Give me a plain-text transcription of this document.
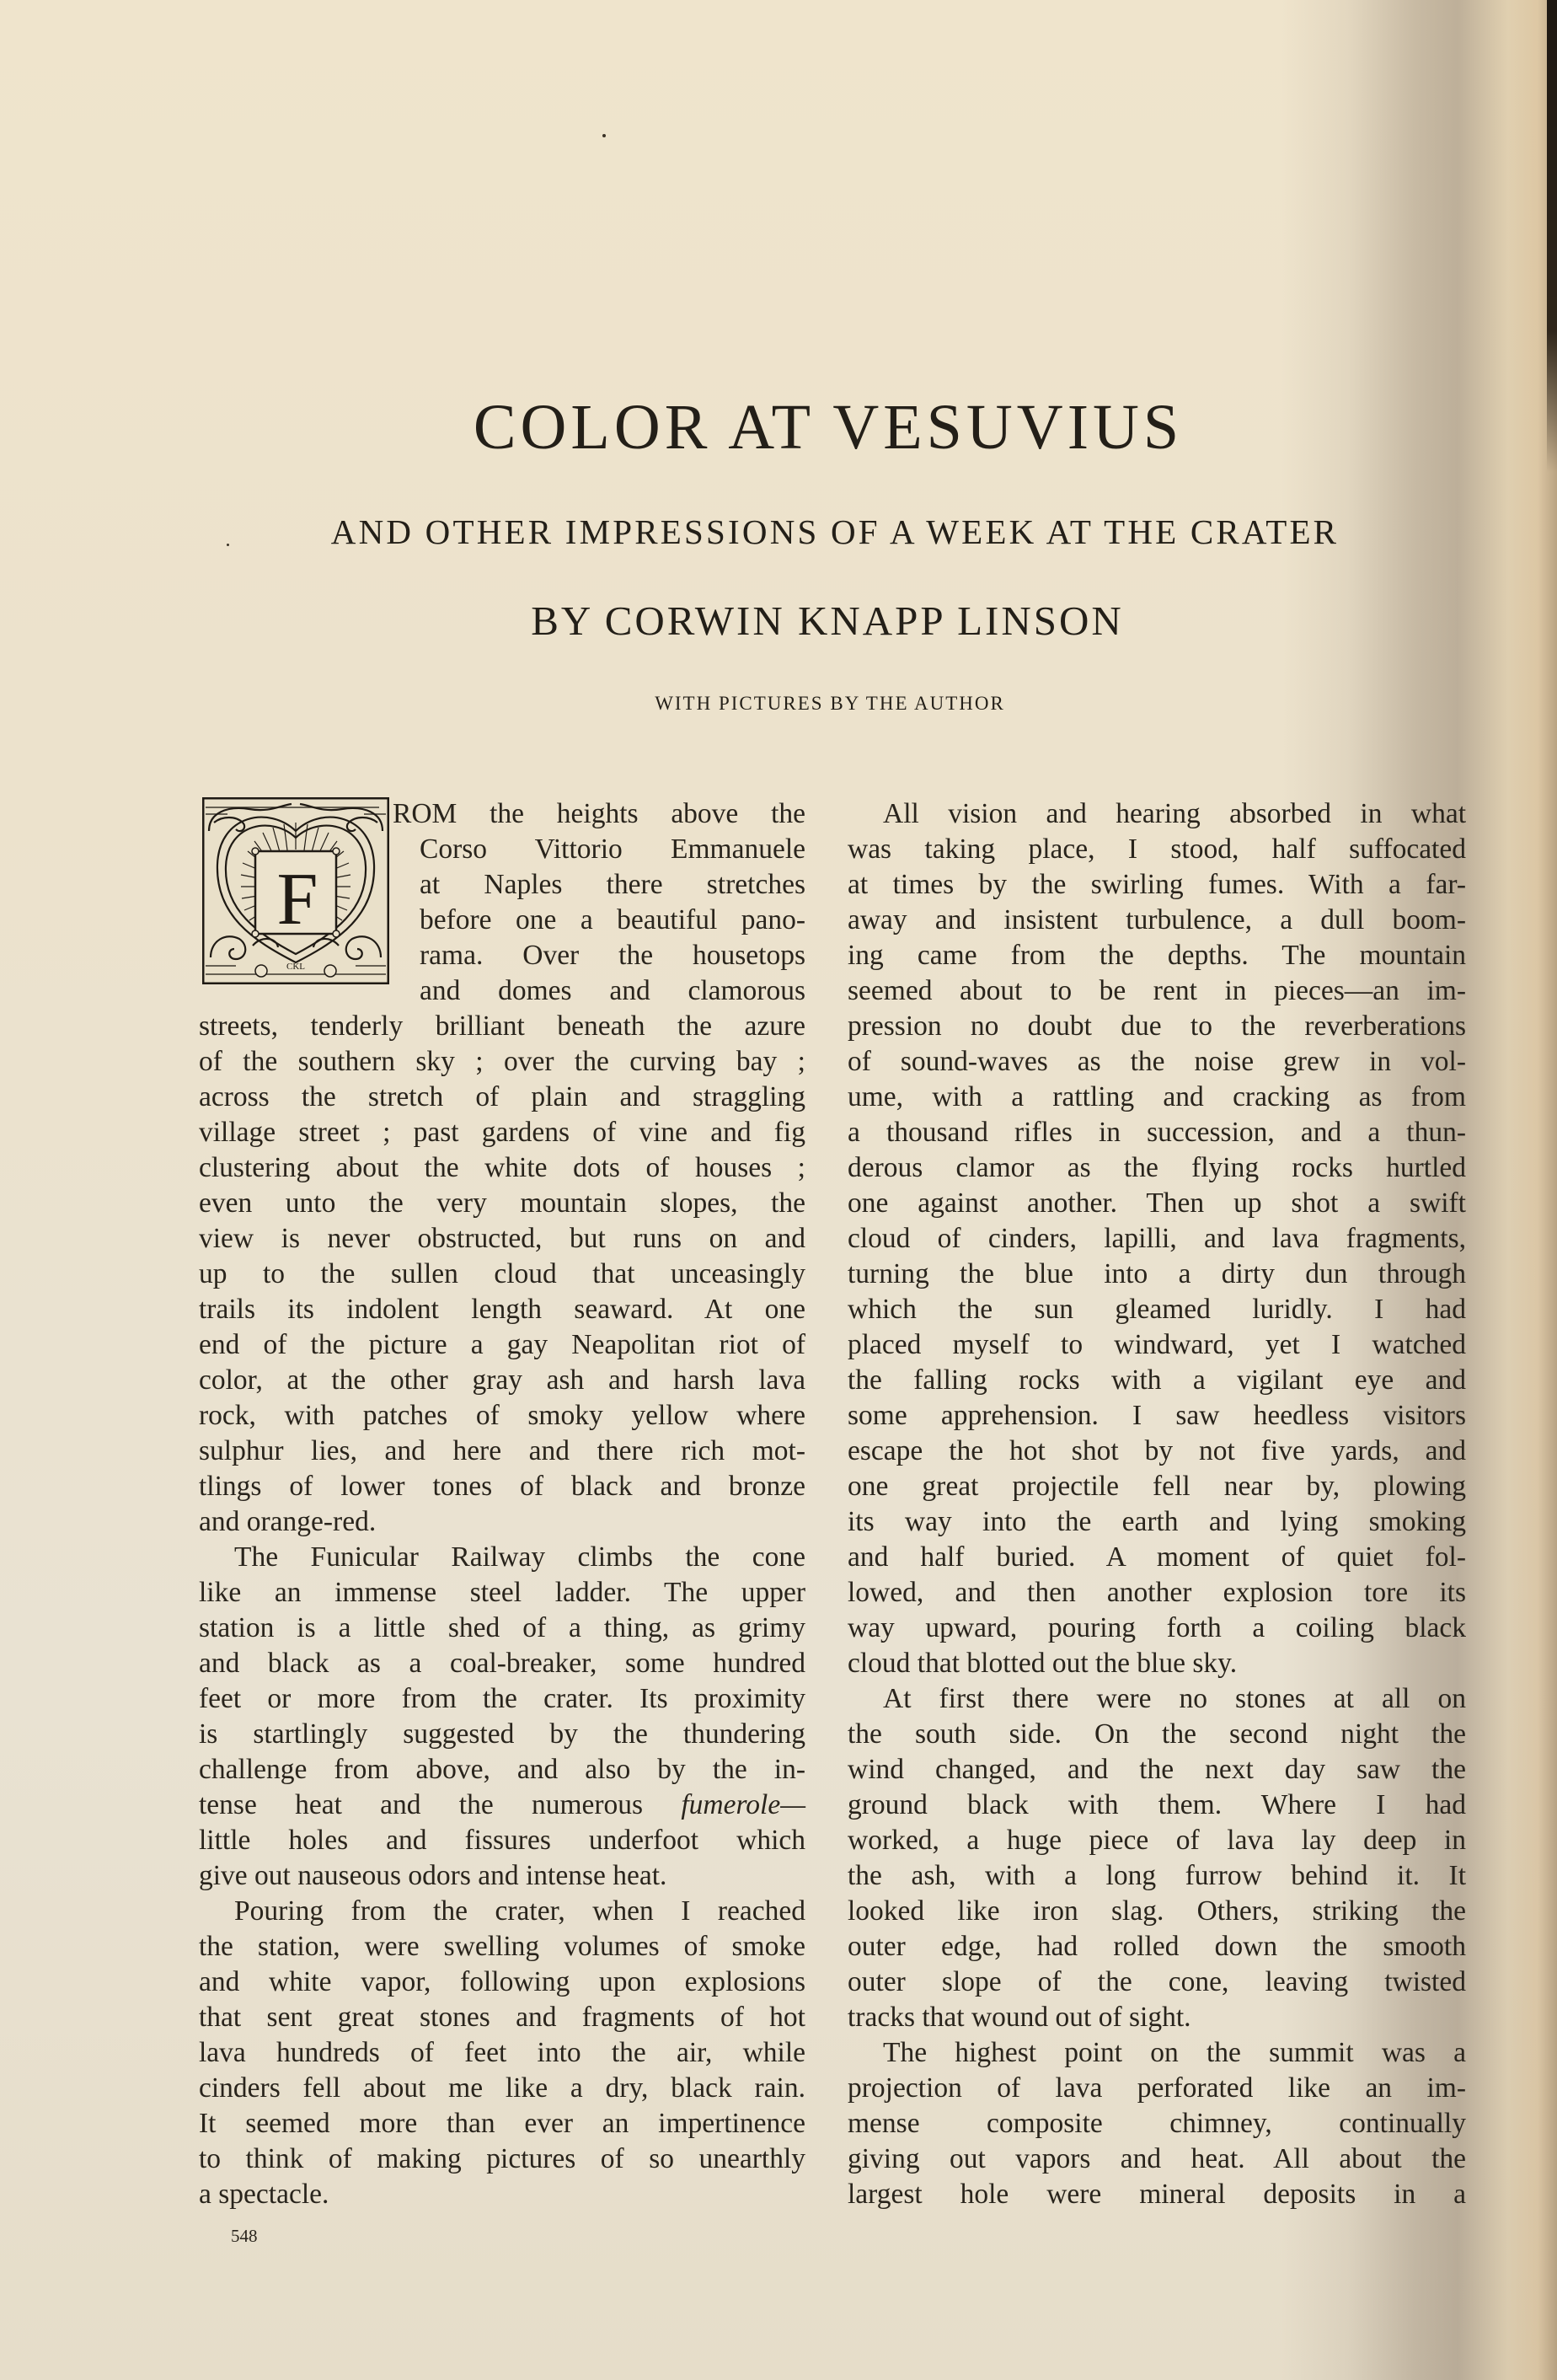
COLOR AT VESUVIUS
AND OTHER IMPRESSIONS OF A WEEK AT THE CRATER
BY CORWIN KNAPP LINSON
WITH PICTURES BY THE AUTHOR
F
CKL
ROM the heights above the
Corso Vittorio Emmanuele
at Naples there stretches
before one a beautiful pano-
rama. Over the housetops
and domes and clamorous
streets, tenderly brilliant beneath the azure
of the southern sky ; over the curving bay ;
across the stretch of plain and straggling
village street ; past gardens of vine and fig
clustering about the white dots of houses ;
even unto the very mountain slopes, the
view is never obstructed, but runs on and
up to the sullen cloud that unceasingly
trails its indolent length seaward. At one
end of the picture a gay Neapolitan riot of
color, at the other gray ash and harsh lava
rock, with patches of smoky yellow where
sulphur lies, and here and there rich mot-
tlings of lower tones of black and bronze
and orange-red.
The Funicular Railway climbs the cone
like an immense steel ladder. The upper
station is a little shed of a thing, as grimy
and black as a coal-breaker, some hundred
feet or more from the crater. Its proximity
is startlingly suggested by the thundering
challenge from above, and also by the in-
tense heat and the numerous fumerole—
little holes and fissures underfoot which
give out nauseous odors and intense heat.
Pouring from the crater, when I reached
the station, were swelling volumes of smoke
and white vapor, following upon explosions
that sent great stones and fragments of hot
lava hundreds of feet into the air, while
cinders fell about me like a dry, black rain.
It seemed more than ever an impertinence
to think of making pictures of so unearthly
a spectacle.
All vision and hearing absorbed in what
was taking place, I stood, half suffocated
at times by the swirling fumes. With a far-
away and insistent turbulence, a dull boom-
ing came from the depths. The mountain
seemed about to be rent in pieces—an im-
pression no doubt due to the reverberations
of sound-waves as the noise grew in vol-
ume, with a rattling and cracking as from
a thousand rifles in succession, and a thun-
derous clamor as the flying rocks hurtled
one against another. Then up shot a swift
cloud of cinders, lapilli, and lava fragments,
turning the blue into a dirty dun through
which the sun gleamed luridly. I had
placed myself to windward, yet I watched
the falling rocks with a vigilant eye and
some apprehension. I saw heedless visitors
escape the hot shot by not five yards, and
one great projectile fell near by, plowing
its way into the earth and lying smoking
and half buried. A moment of quiet fol-
lowed, and then another explosion tore its
way upward, pouring forth a coiling black
cloud that blotted out the blue sky.
At first there were no stones at all on
the south side. On the second night the
wind changed, and the next day saw the
ground black with them. Where I had
worked, a huge piece of lava lay deep in
the ash, with a long furrow behind it. It
looked like iron slag. Others, striking the
outer edge, had rolled down the smooth
outer slope of the cone, leaving twisted
tracks that wound out of sight.
The highest point on the summit was a
projection of lava perforated like an im-
mense composite chimney, continually
giving out vapors and heat. All about the
largest hole were mineral deposits in a
548
